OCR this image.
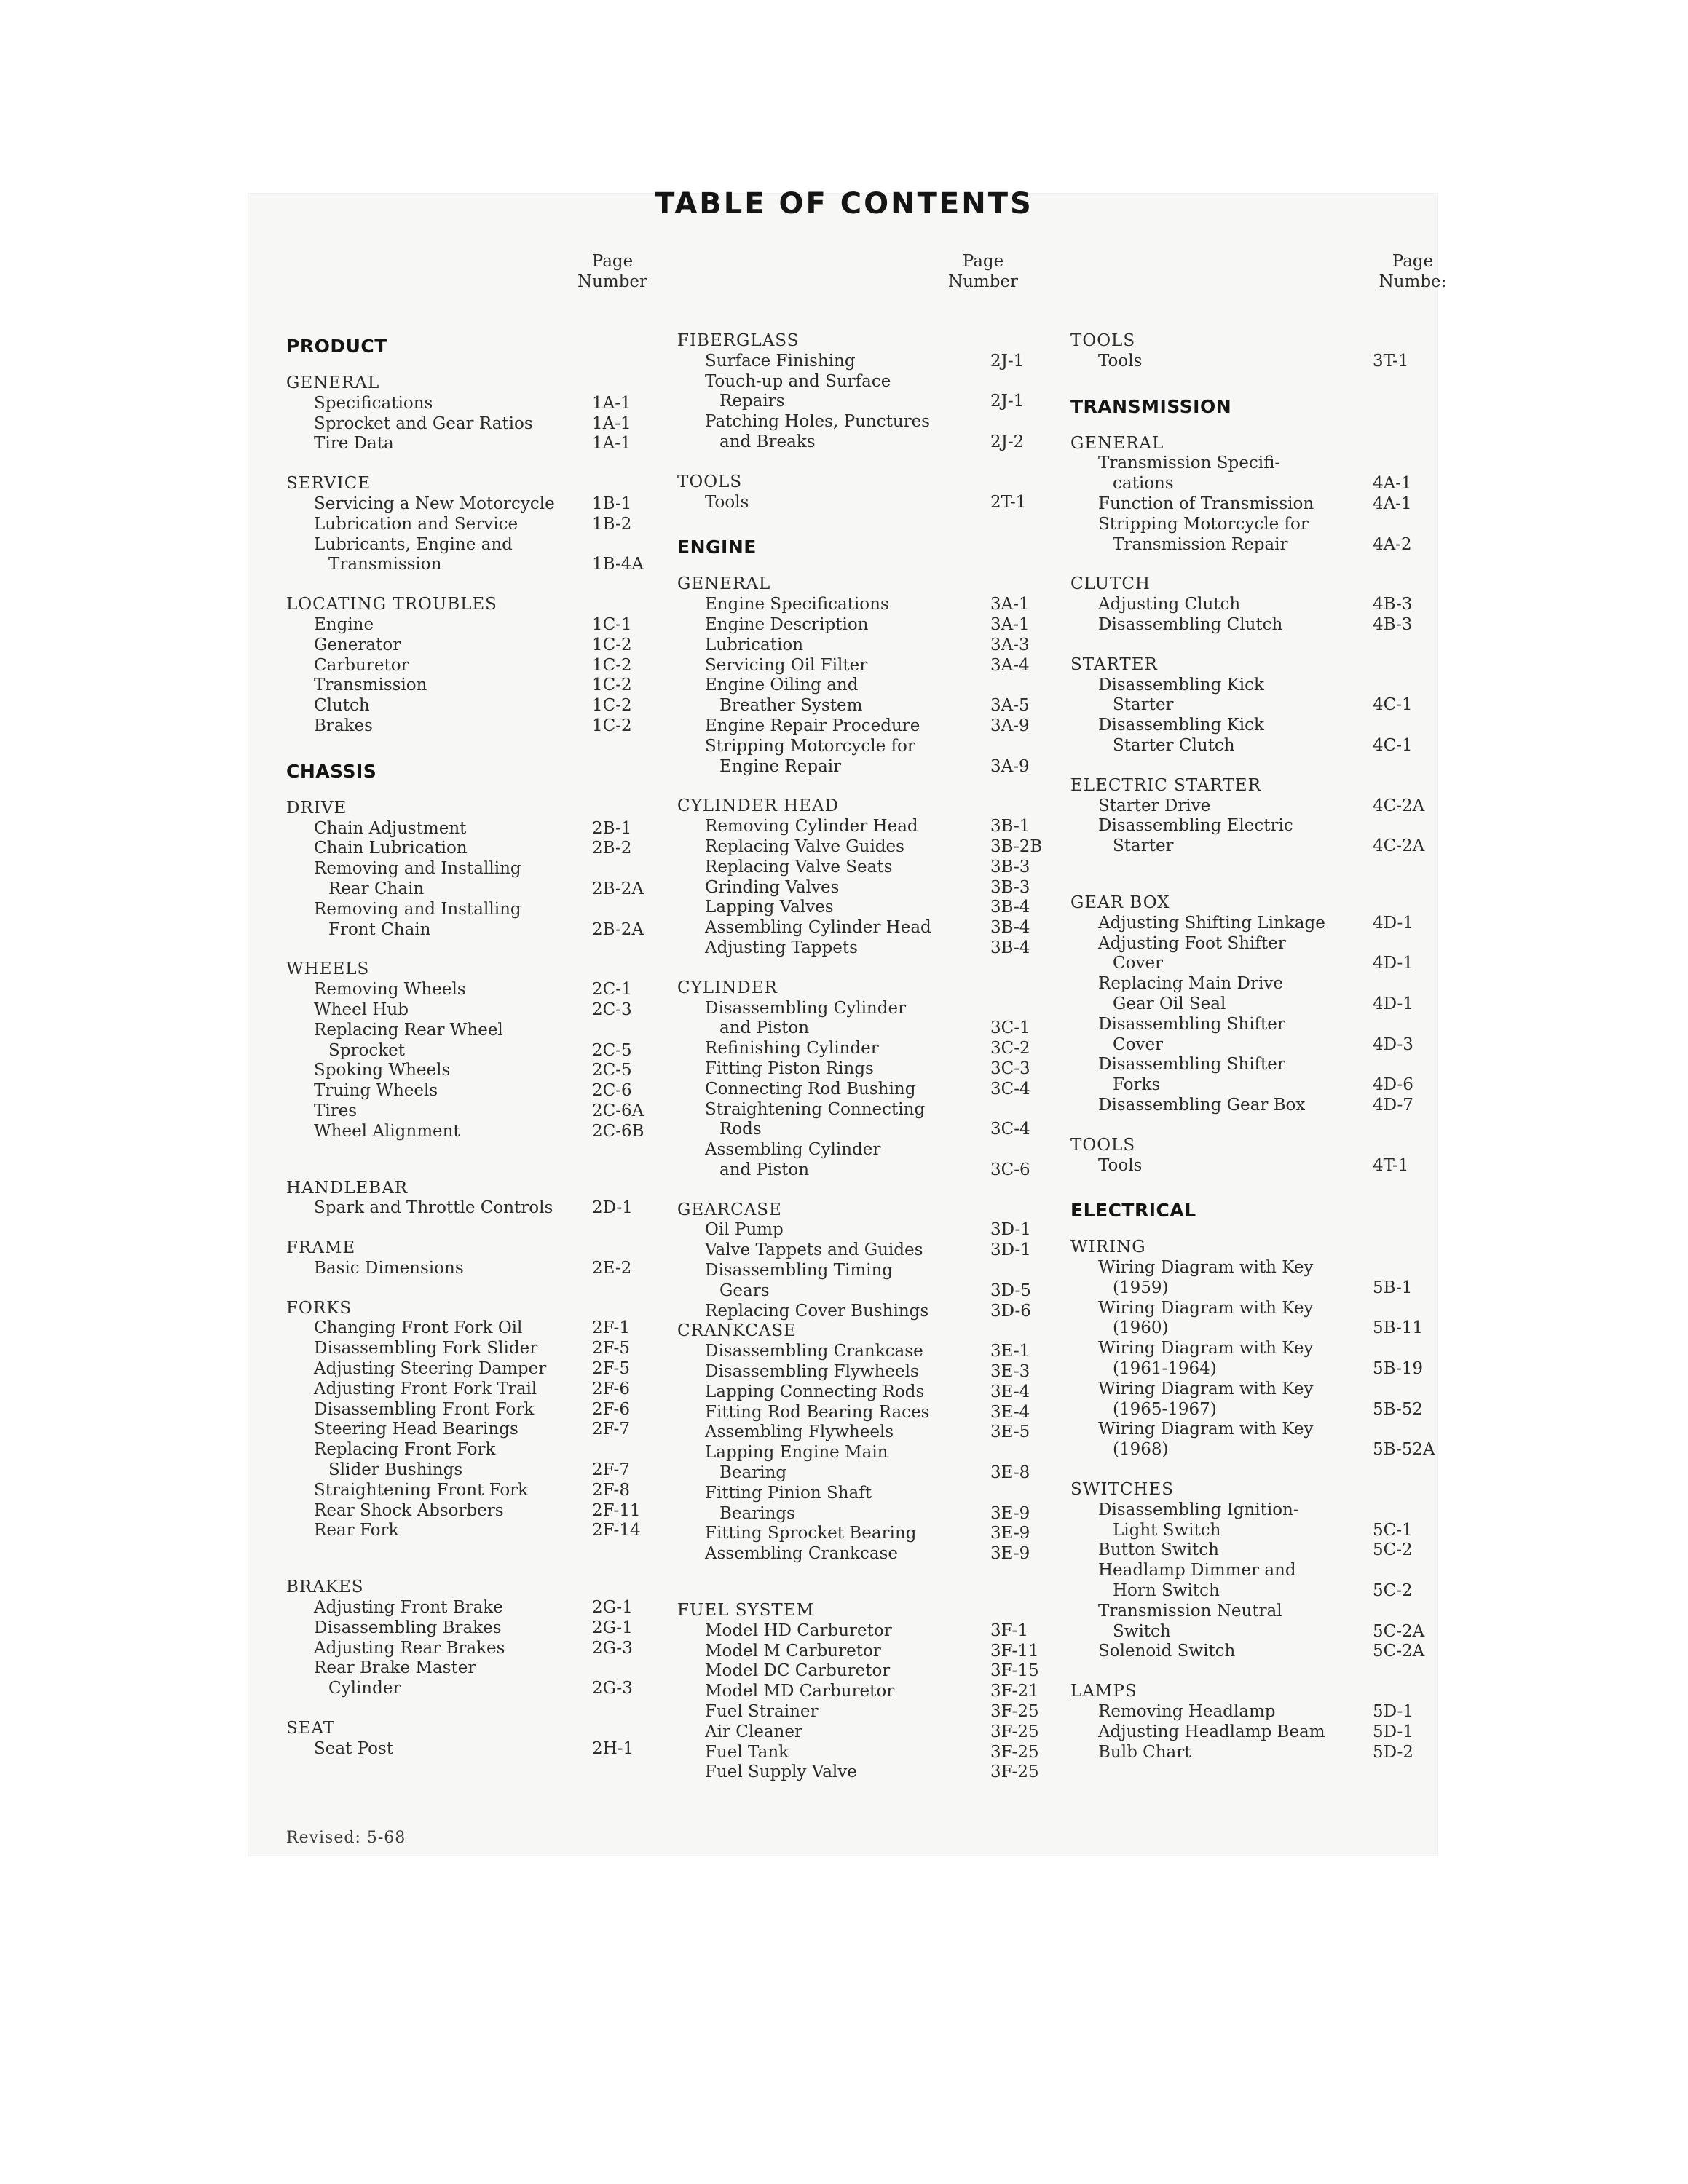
TABLE OF CONTENTS
Page
Number
PRODUCT
GENERAL
Specifications	1A-1
Sprocket and Gear Ratios	1A-1
Tire Data	1A-1
SERVICE
Servicing a New Motorcycle	1B-1
Lubrication and Service	1B-2
Lubricants, Engine and
Transmission	1B-4A
LOCATING TROUBLES
Engine	1C-1
Generator	1C-2
Carburetor	1C-2
Transmission	1C-2
Clutch	1C-2
Brakes	1C-2
CHASSIS
DRIVE
Chain Adjustment	2B-1
Chain Lubrication	2B-2
Removing and Installing
Rear Chain	2B-2A
Removing and Installing
Front Chain	2B-2A
WHEELS
Removing Wheels	2C-1
Wheel Hub	2C-3
Replacing Rear Wheel
Sprocket	2C-5
Spoking Wheels	2C-5
Truing Wheels	2C-6
Tires	2C-6A
Wheel Alignment	2C-6B
HANDLEBAR
Spark and Throttle Controls	2D-1
FRAME
Basic Dimensions	2E-2
FORKS
Changing Front Fork Oil	2F-1
Disassembling Fork Slider	2F-5
Adjusting Steering Damper	2F-5
Adjusting Front Fork Trail	2F-6
Disassembling Front Fork	2F-6
Steering Head Bearings	2F-7
Replacing Front Fork
Slider Bushings	2F-7
Straightening Front Fork	2F-8
Rear Shock Absorbers	2F-11
Rear Fork	2F-14
BRAKES
Adjusting Front Brake	2G-1
Disassembling Brakes	2G-1
Adjusting Rear Brakes	2G-3
Rear Brake Master
Cylinder	2G-3
SEAT
Seat Post	2H-1
Page
Number
FIBERGLASS
Surface Finishing	2J-1
Touch-up and Surface
Repairs	2J-1
Patching Holes, Punctures
and Breaks	2J-2
TOOLS
Tools	2T-1
ENGINE
GENERAL
Engine Specifications	3A-1
Engine Description	3A-1
Lubrication	3A-3
Servicing Oil Filter	3A-4
Engine Oiling and
Breather System	3A-5
Engine Repair Procedure	3A-9
Stripping Motorcycle for
Engine Repair	3A-9
CYLINDER HEAD
Removing Cylinder Head	3B-1
Replacing Valve Guides	3B-2B
Replacing Valve Seats	3B-3
Grinding Valves	3B-3
Lapping Valves	3B-4
Assembling Cylinder Head	3B-4
Adjusting Tappets	3B-4
CYLINDER
Disassembling Cylinder
and Piston	3C-1
Refinishing Cylinder	3C-2
Fitting Piston Rings	3C-3
Connecting Rod Bushing	3C-4
Straightening Connecting
Rods	3C-4
Assembling Cylinder
and Piston	3C-6
GEARCASE
Oil Pump	3D-1
Valve Tappets and Guides	3D-1
Disassembling Timing
Gears	3D-5
Replacing Cover Bushings	3D-6
CRANKCASE
Disassembling Crankcase	3E-1
Disassembling Flywheels	3E-3
Lapping Connecting Rods	3E-4
Fitting Rod Bearing Races	3E-4
Assembling Flywheels	3E-5
Lapping Engine Main
Bearing	3E-8
Fitting Pinion Shaft
Bearings	3E-9
Fitting Sprocket Bearing	3E-9
Assembling Crankcase	3E-9
FUEL SYSTEM
Model HD Carburetor	3F-1
Model M Carburetor	3F-11
Model DC Carburetor	3F-15
Model MD Carburetor	3F-21
Fuel Strainer	3F-25
Air Cleaner	3F-25
Fuel Tank	3F-25
Fuel Supply Valve	3F-25
Page
Numbe:
TOOLS
Tools	3T-1
TRANSMISSION
GENERAL
Transmission Specifi-
cations	4A-1
Function of Transmission	4A-1
Stripping Motorcycle for
Transmission Repair	4A-2
CLUTCH
Adjusting Clutch	4B-3
Disassembling Clutch	4B-3
STARTER
Disassembling Kick
Starter	4C-1
Disassembling Kick
Starter Clutch	4C-1
ELECTRIC STARTER
Starter Drive	4C-2A
Disassembling Electric
Starter	4C-2A
GEAR BOX
Adjusting Shifting Linkage	4D-1
Adjusting Foot Shifter
Cover	4D-1
Replacing Main Drive
Gear Oil Seal	4D-1
Disassembling Shifter
Cover	4D-3
Disassembling Shifter
Forks	4D-6
Disassembling Gear Box	4D-7
TOOLS
Tools	4T-1
ELECTRICAL
WIRING
Wiring Diagram with Key
(1959)	5B-1
Wiring Diagram with Key
(1960)	5B-11
Wiring Diagram with Key
(1961-1964)	5B-19
Wiring Diagram with Key
(1965-1967)	5B-52
Wiring Diagram with Key
(1968)	5B-52A
SWITCHES
Disassembling Ignition-
Light Switch	5C-1
Button Switch	5C-2
Headlamp Dimmer and
Horn Switch	5C-2
Transmission Neutral
Switch	5C-2A
Solenoid Switch	5C-2A
LAMPS
Removing Headlamp	5D-1
Adjusting Headlamp Beam	5D-1
Bulb Chart	5D-2
Revised: 5-68
